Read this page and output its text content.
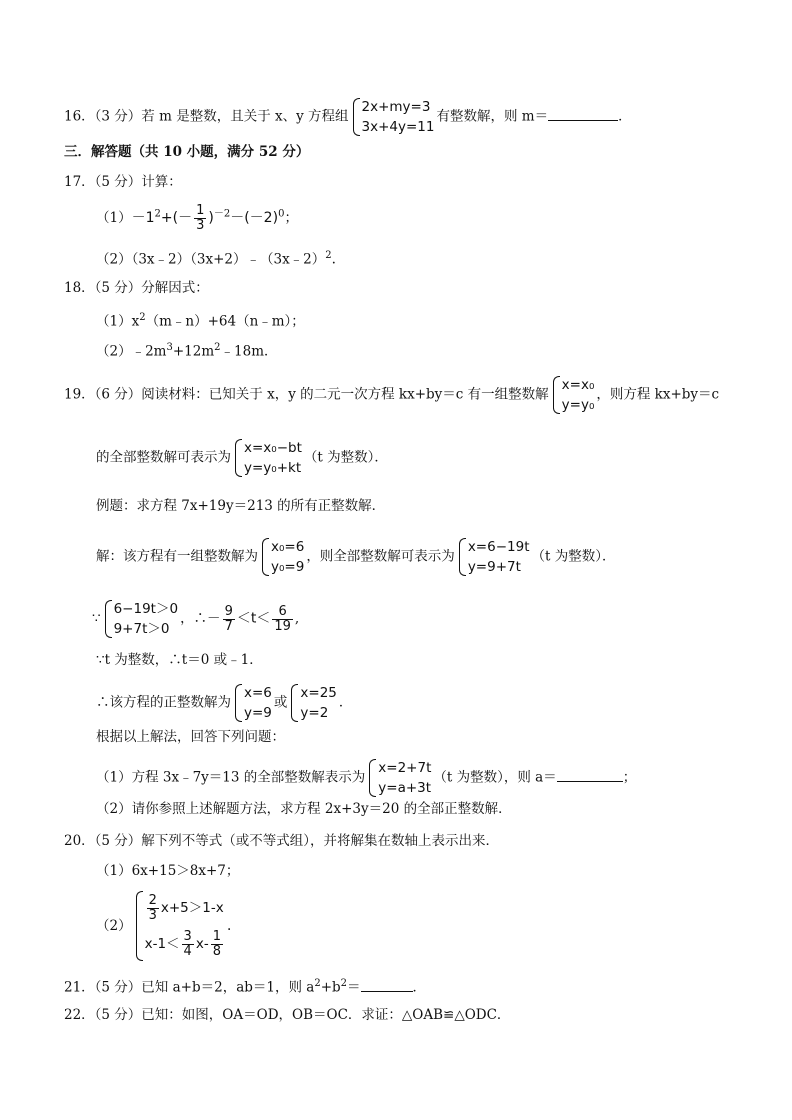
16．（3 分）若 m 是整数，且关于 x、y 方程组
2x+my=3
3x+4y=11
有整数解，则 m＝	．
三．解答题（共 10 小题，满分 52 分）
17．（5 分）计算：
$(1)-1^2+(- \frac{1}{3} )^{-2}-(-2)^0$；
（2）（3x﹣2）（3x+2）﹣（3x﹣2）$^2$.
18．（5 分）分解因式：
$(1)x^2(m﹣n)+64(n﹣m)$；
$(2)﹣2m^3+12m^2﹣18m$．
19．（6 分）阅读材料：已知关于 x，y 的二元一次方程 kx+by＝c 有一组整数解
x=x₀
y=y₀
，则方程 kx+by＝c
的全部整数解可表示为
x=x₀−bt
y=y₀+kt
（t 为整数）．
例题：求方程 7x+19y＝213 的所有正整数解．
解：该方程有一组整数解为
x₀=6
y₀=9
，则全部整数解可表示为
x=6−19t
y=9+7t
（t 为整数）．
∵
6−19t＞0
9+7t＞0
，∴－ $\frac{9}{7} <t< \frac{6}{19}$ ,
∵t 为整数，∴t＝0 或﹣1．
∴该方程的正整数解为
x=6
y=9
或
x=25
y=2
．
根据以上解法，回答下列问题：
（1）方程 3x﹣7y＝13 的全部整数解表示为
x=2+7t
y=a+3t
（t 为整数），则 a＝	；
（2）请你参照上述解题方法，求方程 2x+3y＝20 的全部正整数解．
20．（5 分）解下列不等式（或不等式组），并将解集在数轴上表示出来．
（1）6x+15＞8x+7；
（2）
$\frac{2}{3} x+5>1-x$
$x-1< \frac{3}{4} x- \frac{1}{8}$
.
21．（5 分）已知 a+b＝2，ab＝1，则 $a^2+b^2=$	．
22．（5 分）已知：如图，OA＝OD，OB＝OC．求证：△OAB≌△ODC．
